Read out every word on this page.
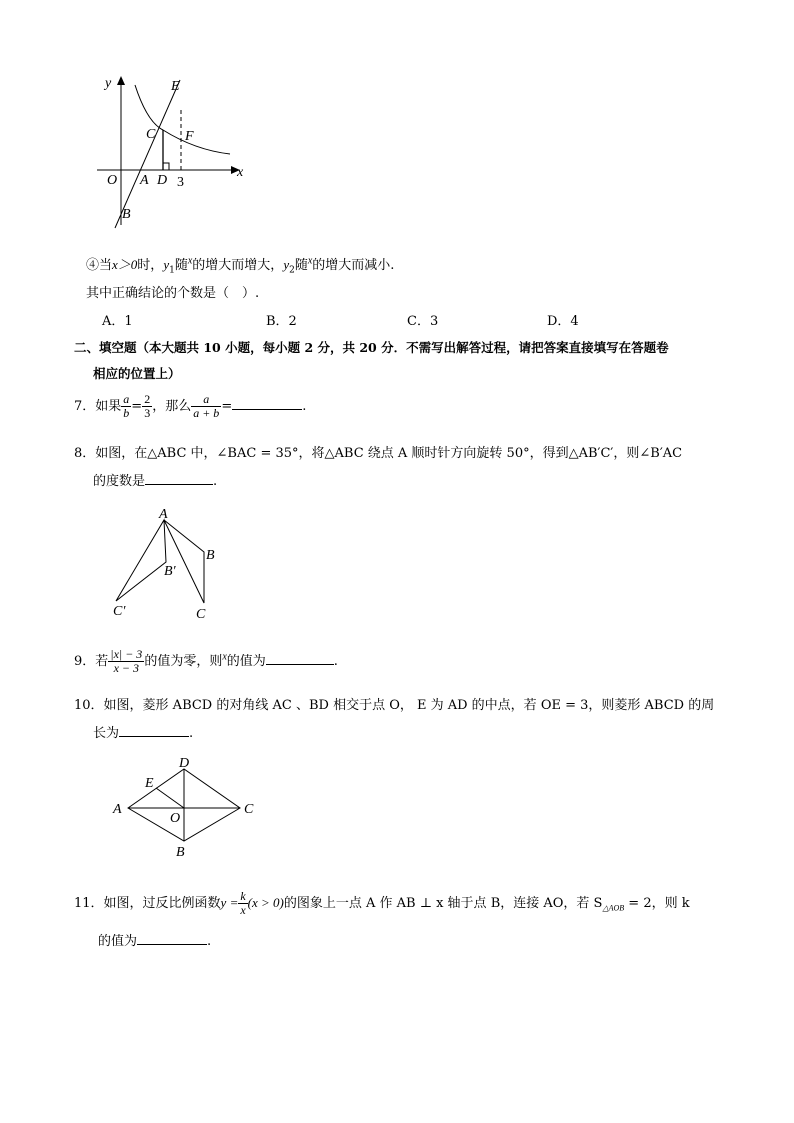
y
x
O A D 3
B
C
E
F
④当x＞0时，$y_1$随$^x$的增大而增大，$y_2$随$^x$的增大而减小.
其中正确结论的个数是（　）.
A．1	B．2	C．3	D．4
二、填空题（本大题共 10 小题，每小题 2 分，共 20 分．不需写出解答过程，请把答案直接填写在答题卷
相应的位置上）
7．如果 $\frac{a}{b} = \frac{2}{3}$ ，那么 $\frac{a}{a + b}$ =	.
8．如图，在△ABC 中，∠BAC = 35°，将△ABC 绕点 A 顺时针方向旋转 50°，得到△AB′C′，则∠B′AC
的度数是	.
A
B
B′
C
C′
9．若 $\frac{|x| - 3}{x - 3}$ 的值为零，则$^x$的值为	.
10．如图，菱形 ABCD 的对角线 AC 、BD 相交于点 O， E 为 AD 的中点，若 OE = 3，则菱形 ABCD 的周
长为	.
A
B
C
D
E
O
11．如图，过反比例函数$y = \frac{k}{x} (x > 0)$的图象上一点 A 作 AB ⊥ x 轴于点 B，连接 AO，若 $S_{\triangle AOB} = 2$，则 k
的值为	.
